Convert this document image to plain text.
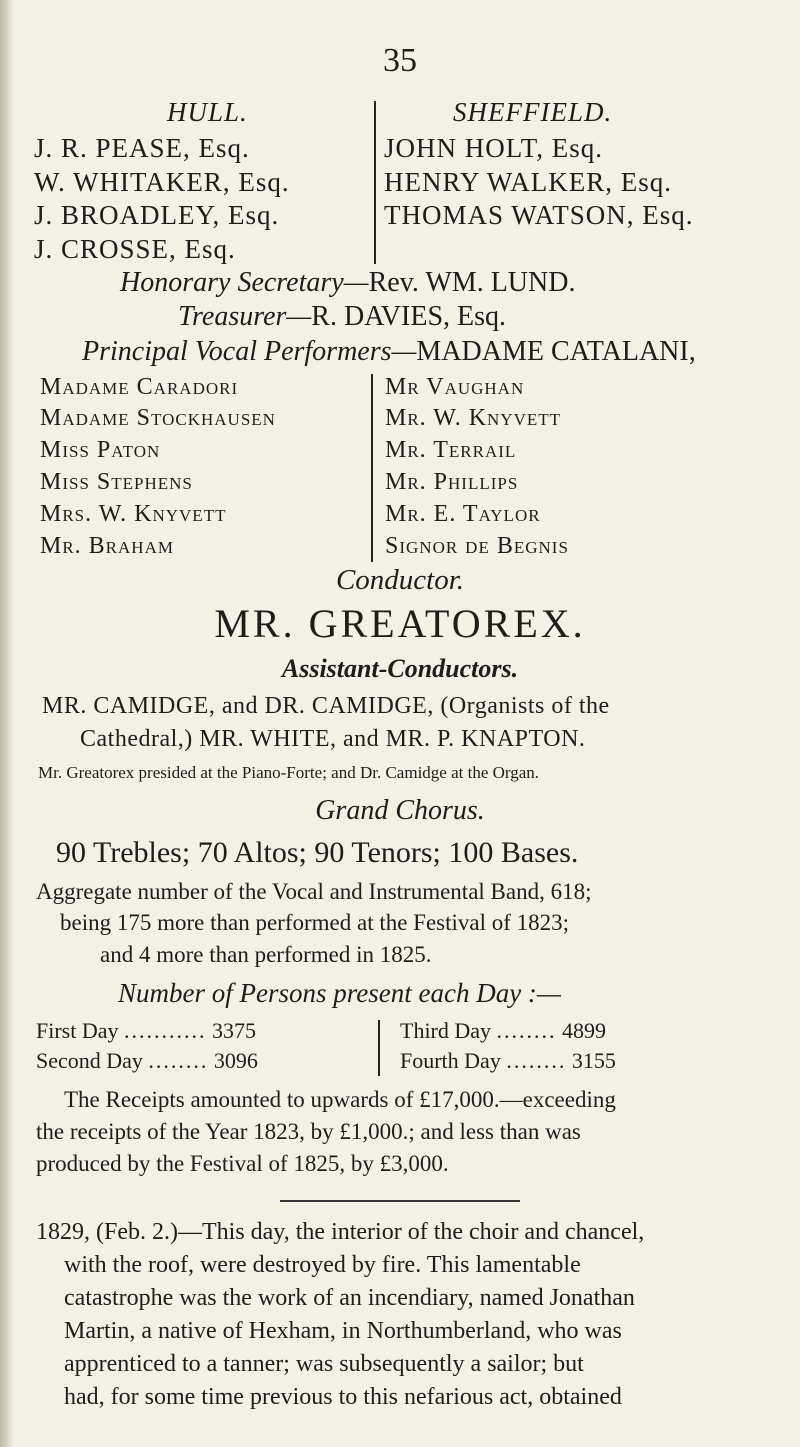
35
HULL.
J. R. PEASE, Esq.
W. WHITAKER, Esq.
J. BROADLEY, Esq.
J. CROSSE, Esq.
SHEFFIELD.
JOHN HOLT, Esq.
HENRY WALKER, Esq.
THOMAS WATSON, Esq.
Honorary Secretary—Rev. WM. LUND.
Treasurer—R. DAVIES, Esq.
Principal Vocal Performers—MADAME CATALANI,
Madame Caradori
Madame Stockhausen
Miss Paton
Miss Stephens
Mrs. W. Knyvett
Mr. Braham
Mr Vaughan
Mr. W. Knyvett
Mr. Terrail
Mr. Phillips
Mr. E. Taylor
Signor de Begnis
Conductor.
MR. GREATOREX.
Assistant-Conductors.
MR. CAMIDGE, and DR. CAMIDGE, (Organists of the
Cathedral,) MR. WHITE, and MR. P. KNAPTON.
Mr. Greatorex presided at the Piano-Forte; and Dr. Camidge at the Organ.
Grand Chorus.
90 Trebles; 70 Altos; 90 Tenors; 100 Bases.
Aggregate number of the Vocal and Instrumental Band, 618;
being 175 more than performed at the Festival of 1823;
and 4 more than performed in 1825.
Number of Persons present each Day :—
First Day ........... 3375
Second Day ........ 3096
Third Day ........ 4899
Fourth Day ........ 3155
The Receipts amounted to upwards of £17,000.—exceeding
the receipts of the Year 1823, by £1,000.; and less than was
produced by the Festival of 1825, by £3,000.
1829, (Feb. 2.)—This day, the interior of the choir and chancel,
with the roof, were destroyed by fire. This lamentable
catastrophe was the work of an incendiary, named Jonathan
Martin, a native of Hexham, in Northumberland, who was
apprenticed to a tanner; was subsequently a sailor; but
had, for some time previous to this nefarious act, obtained
